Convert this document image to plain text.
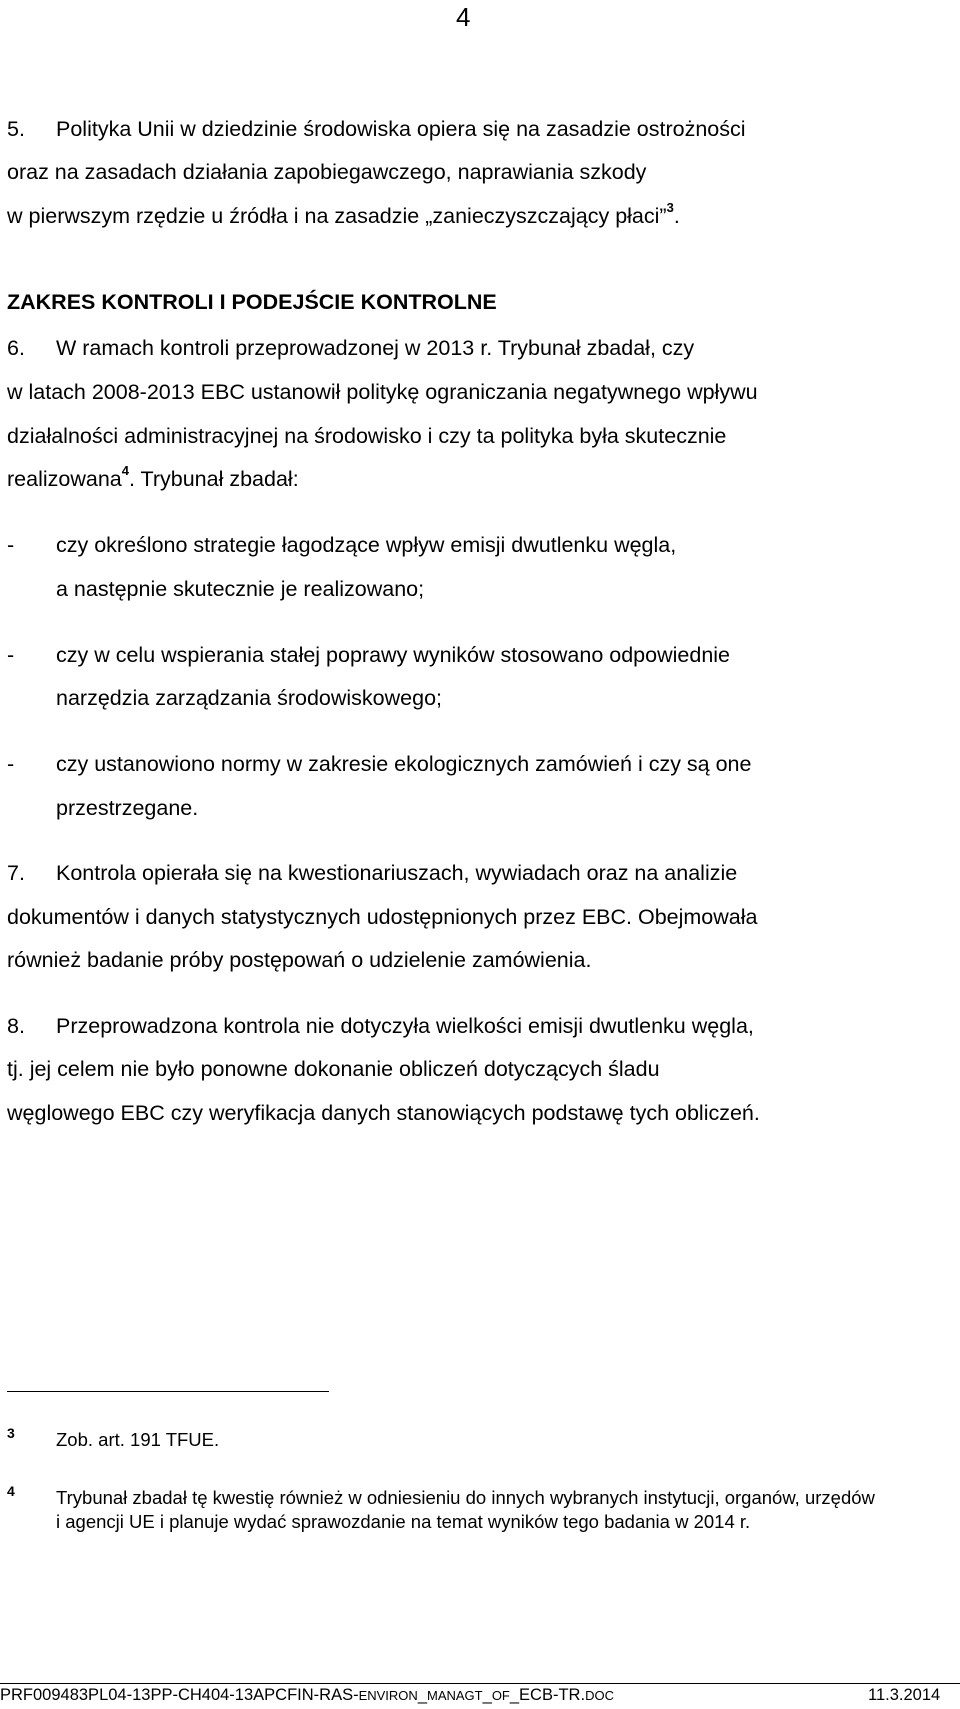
4
5. Polityka Unii w dziedzinie środowiska opiera się na zasadzie ostrożności
oraz na zasadach działania zapobiegawczego, naprawiania szkody
w pierwszym rzędzie u źródła i na zasadzie „zanieczyszczający płaci”$^3$.
ZAKRES KONTROLI I PODEJŚCIE KONTROLNE
6. W ramach kontroli przeprowadzonej w 2013 r. Trybunał zbadał, czy
w latach 2008-2013 EBC ustanowił politykę ograniczania negatywnego wpływu
działalności administracyjnej na środowisko i czy ta polityka była skutecznie
realizowana$^4$. Trybunał zbadał:
- czy określono strategie łagodzące wpływ emisji dwutlenku węgla,
a następnie skutecznie je realizowano;
- czy w celu wspierania stałej poprawy wyników stosowano odpowiednie
narzędzia zarządzania środowiskowego;
- czy ustanowiono normy w zakresie ekologicznych zamówień i czy są one
przestrzegane.
7. Kontrola opierała się na kwestionariuszach, wywiadach oraz na analizie
dokumentów i danych statystycznych udostępnionych przez EBC. Obejmowała
również badanie próby postępowań o udzielenie zamówienia.
8. Przeprowadzona kontrola nie dotyczyła wielkości emisji dwutlenku węgla,
tj. jej celem nie było ponowne dokonanie obliczeń dotyczących śladu
węglowego EBC czy weryfikacja danych stanowiących podstawę tych obliczeń.
3 Zob. art. 191 TFUE.
4 Trybunał zbadał tę kwestię również w odniesieniu do innych wybranych instytucji, organów, urzędów i agencji UE i planuje wydać sprawozdanie na temat wyników tego badania w 2014 r.
PRF009483PL04-13PP-CH404-13APCFIN-RAS-ENVIRON_MANAGT_OF_ECB-TR.DOC	11.3.2014
